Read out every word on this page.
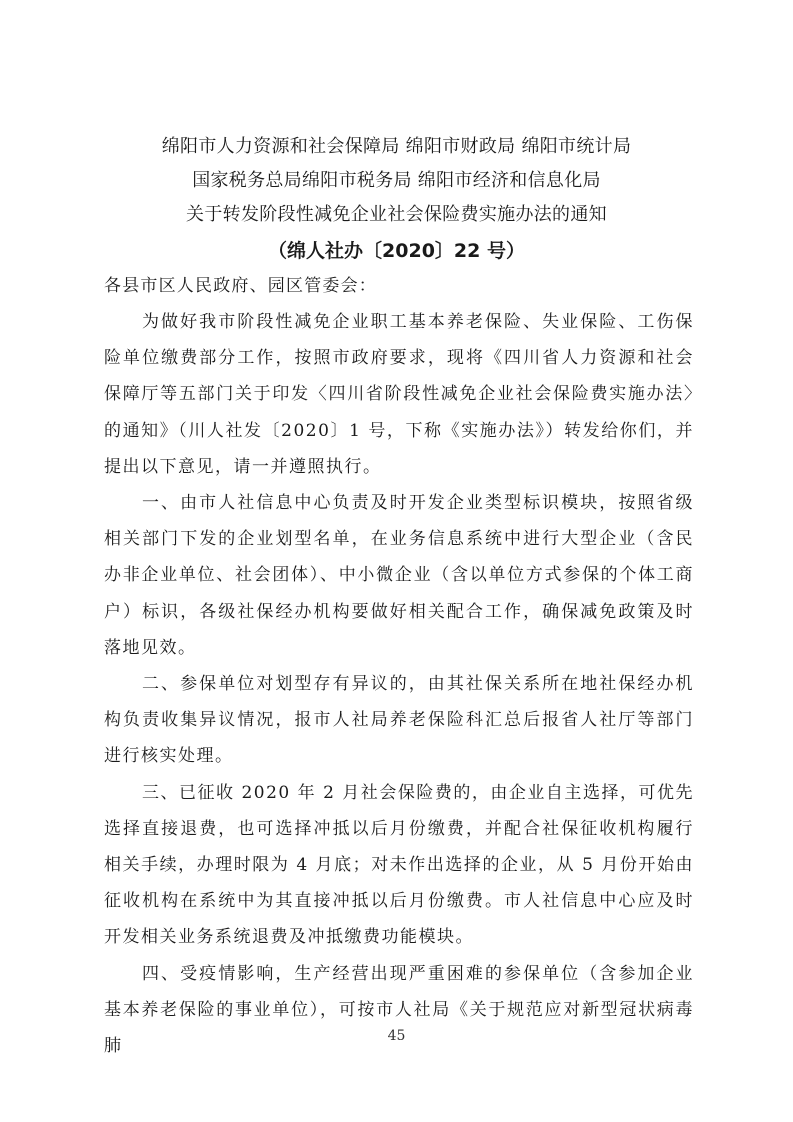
绵阳市人力资源和社会保障局 绵阳市财政局 绵阳市统计局
国家税务总局绵阳市税务局 绵阳市经济和信息化局
关于转发阶段性减免企业社会保险费实施办法的通知
（绵人社办〔2020〕22 号）
各县市区人民政府、园区管委会：

为做好我市阶段性减免企业职工基本养老保险、失业保险、工伤保险单位缴费部分工作，按照市政府要求，现将《四川省人力资源和社会保障厅等五部门关于印发〈四川省阶段性减免企业社会保险费实施办法〉的通知》（川人社发〔2020〕1 号，下称《实施办法》）转发给你们，并提出以下意见，请一并遵照执行。

一、由市人社信息中心负责及时开发企业类型标识模块，按照省级相关部门下发的企业划型名单，在业务信息系统中进行大型企业（含民办非企业单位、社会团体）、中小微企业（含以单位方式参保的个体工商户）标识，各级社保经办机构要做好相关配合工作，确保减免政策及时落地见效。

二、参保单位对划型存有异议的，由其社保关系所在地社保经办机构负责收集异议情况，报市人社局养老保险科汇总后报省人社厅等部门进行核实处理。

三、已征收 2020 年 2 月社会保险费的，由企业自主选择，可优先选择直接退费，也可选择冲抵以后月份缴费，并配合社保征收机构履行相关手续，办理时限为 4 月底；对未作出选择的企业，从 5 月份开始由征收机构在系统中为其直接冲抵以后月份缴费。市人社信息中心应及时开发相关业务系统退费及冲抵缴费功能模块。

四、受疫情影响，生产经营出现严重困难的参保单位（含参加企业基本养老保险的事业单位），可按市人社局《关于规范应对新型冠状病毒肺

45
